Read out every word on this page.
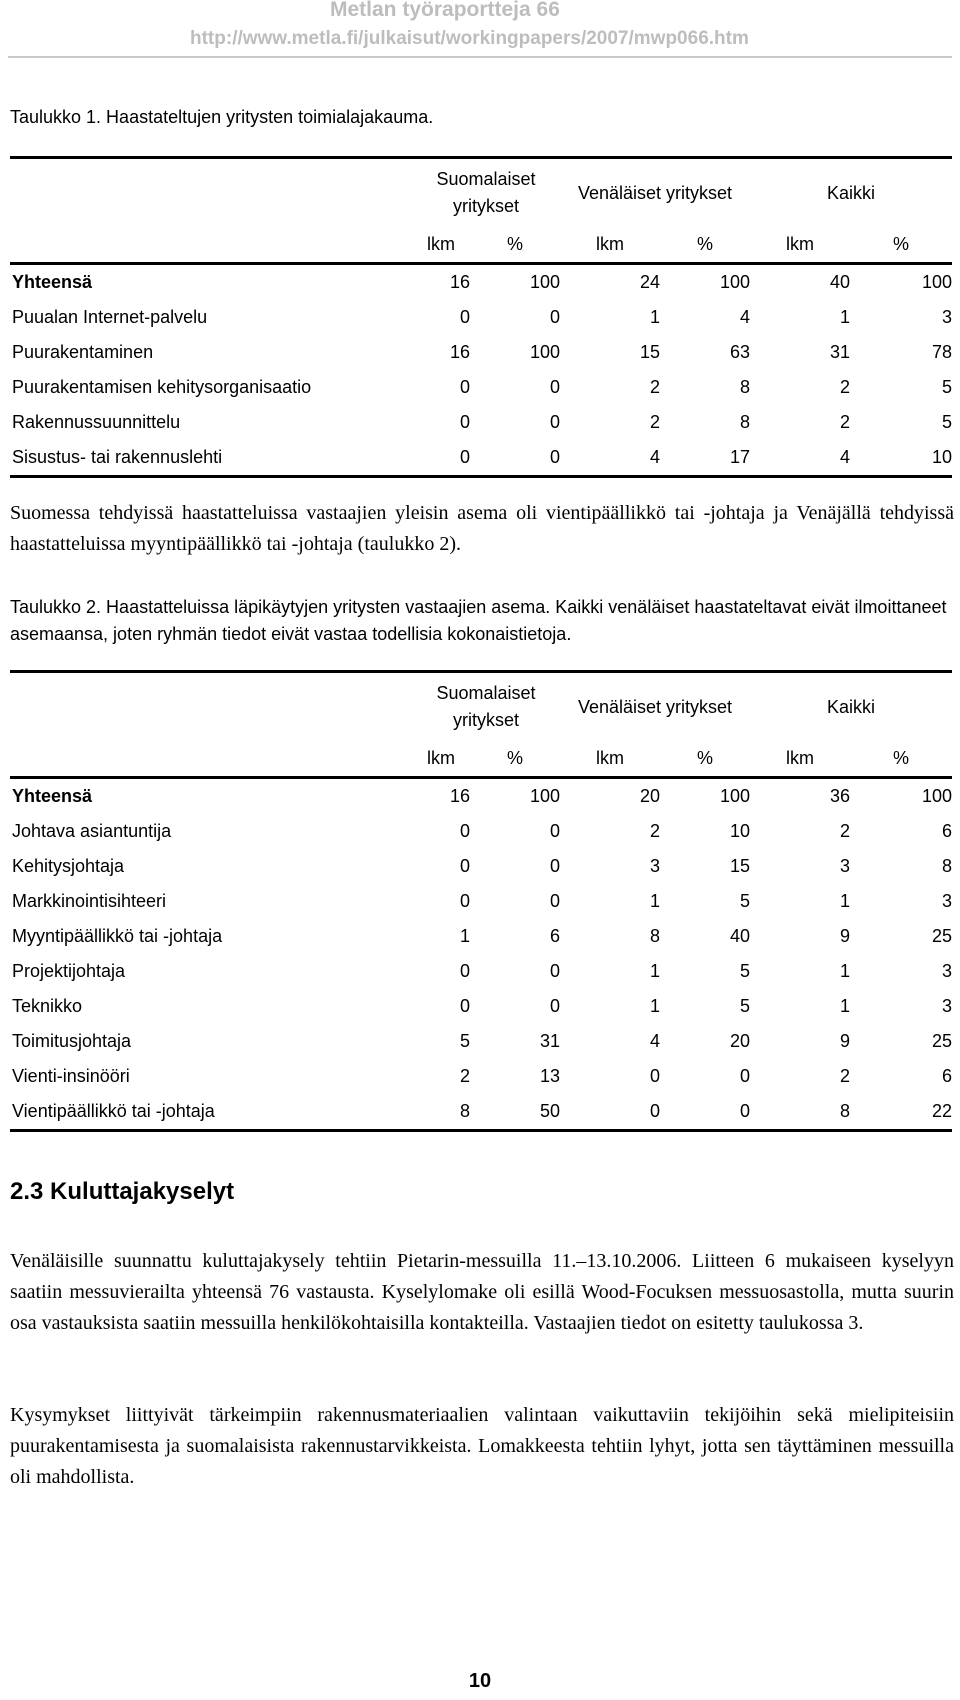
Metlan työraportteja 66
http://www.metla.fi/julkaisut/workingpapers/2007/mwp066.htm
Taulukko 1. Haastateltujen yritysten toimialajakauma.
	Suomalaiset yritykset		Venäläiset yritykset		Kaikki	
	lkm	%	lkm	%	lkm	%
Yhteensä	16	100	24	100	40	100
Puualan Internet-palvelu	0	0	1	4	1	3
Puurakentaminen	16	100	15	63	31	78
Puurakentamisen kehitysorganisaatio	0	0	2	8	2	5
Rakennussuunnittelu	0	0	2	8	2	5
Sisustus- tai rakennuslehti	0	0	4	17	4	10
Suomessa tehdyissä haastatteluissa vastaajien yleisin asema oli vientipäällikkö tai -johtaja ja Venäjällä tehdyissä haastatteluissa myyntipäällikkö tai -johtaja (taulukko 2).
Taulukko 2. Haastatteluissa läpikäytyjen yritysten vastaajien asema. Kaikki venäläiset haastateltavat eivät ilmoittaneet asemaansa, joten ryhmän tiedot eivät vastaa todellisia kokonaistietoja.
	Suomalaiset yritykset		Venäläiset yritykset		Kaikki	
	lkm	%	lkm	%	lkm	%
Yhteensä	16	100	20	100	36	100
Johtava asiantuntija	0	0	2	10	2	6
Kehitysjohtaja	0	0	3	15	3	8
Markkinointisihteeri	0	0	1	5	1	3
Myyntipäällikkö tai -johtaja	1	6	8	40	9	25
Projektijohtaja	0	0	1	5	1	3
Teknikko	0	0	1	5	1	3
Toimitusjohtaja	5	31	4	20	9	25
Vienti-insinööri	2	13	0	0	2	6
Vientipäällikkö tai -johtaja	8	50	0	0	8	22
2.3 Kuluttajakyselyt
Venäläisille suunnattu kuluttajakysely tehtiin Pietarin-messuilla 11.–13.10.2006. Liitteen 6 mukaiseen kyselyyn saatiin messuvierailta yhteensä 76 vastausta. Kyselylomake oli esillä Wood-Focuksen messuosastolla, mutta suurin osa vastauksista saatiin messuilla henkilökohtaisilla kontakteilla. Vastaajien tiedot on esitetty taulukossa 3.
Kysymykset liittyivät tärkeimpiin rakennusmateriaalien valintaan vaikuttaviin tekijöihin sekä mielipiteisiin puurakentamisesta ja suomalaisista rakennustarvikkeista. Lomakkeesta tehtiin lyhyt, jotta sen täyttäminen messuilla oli mahdollista.
10
